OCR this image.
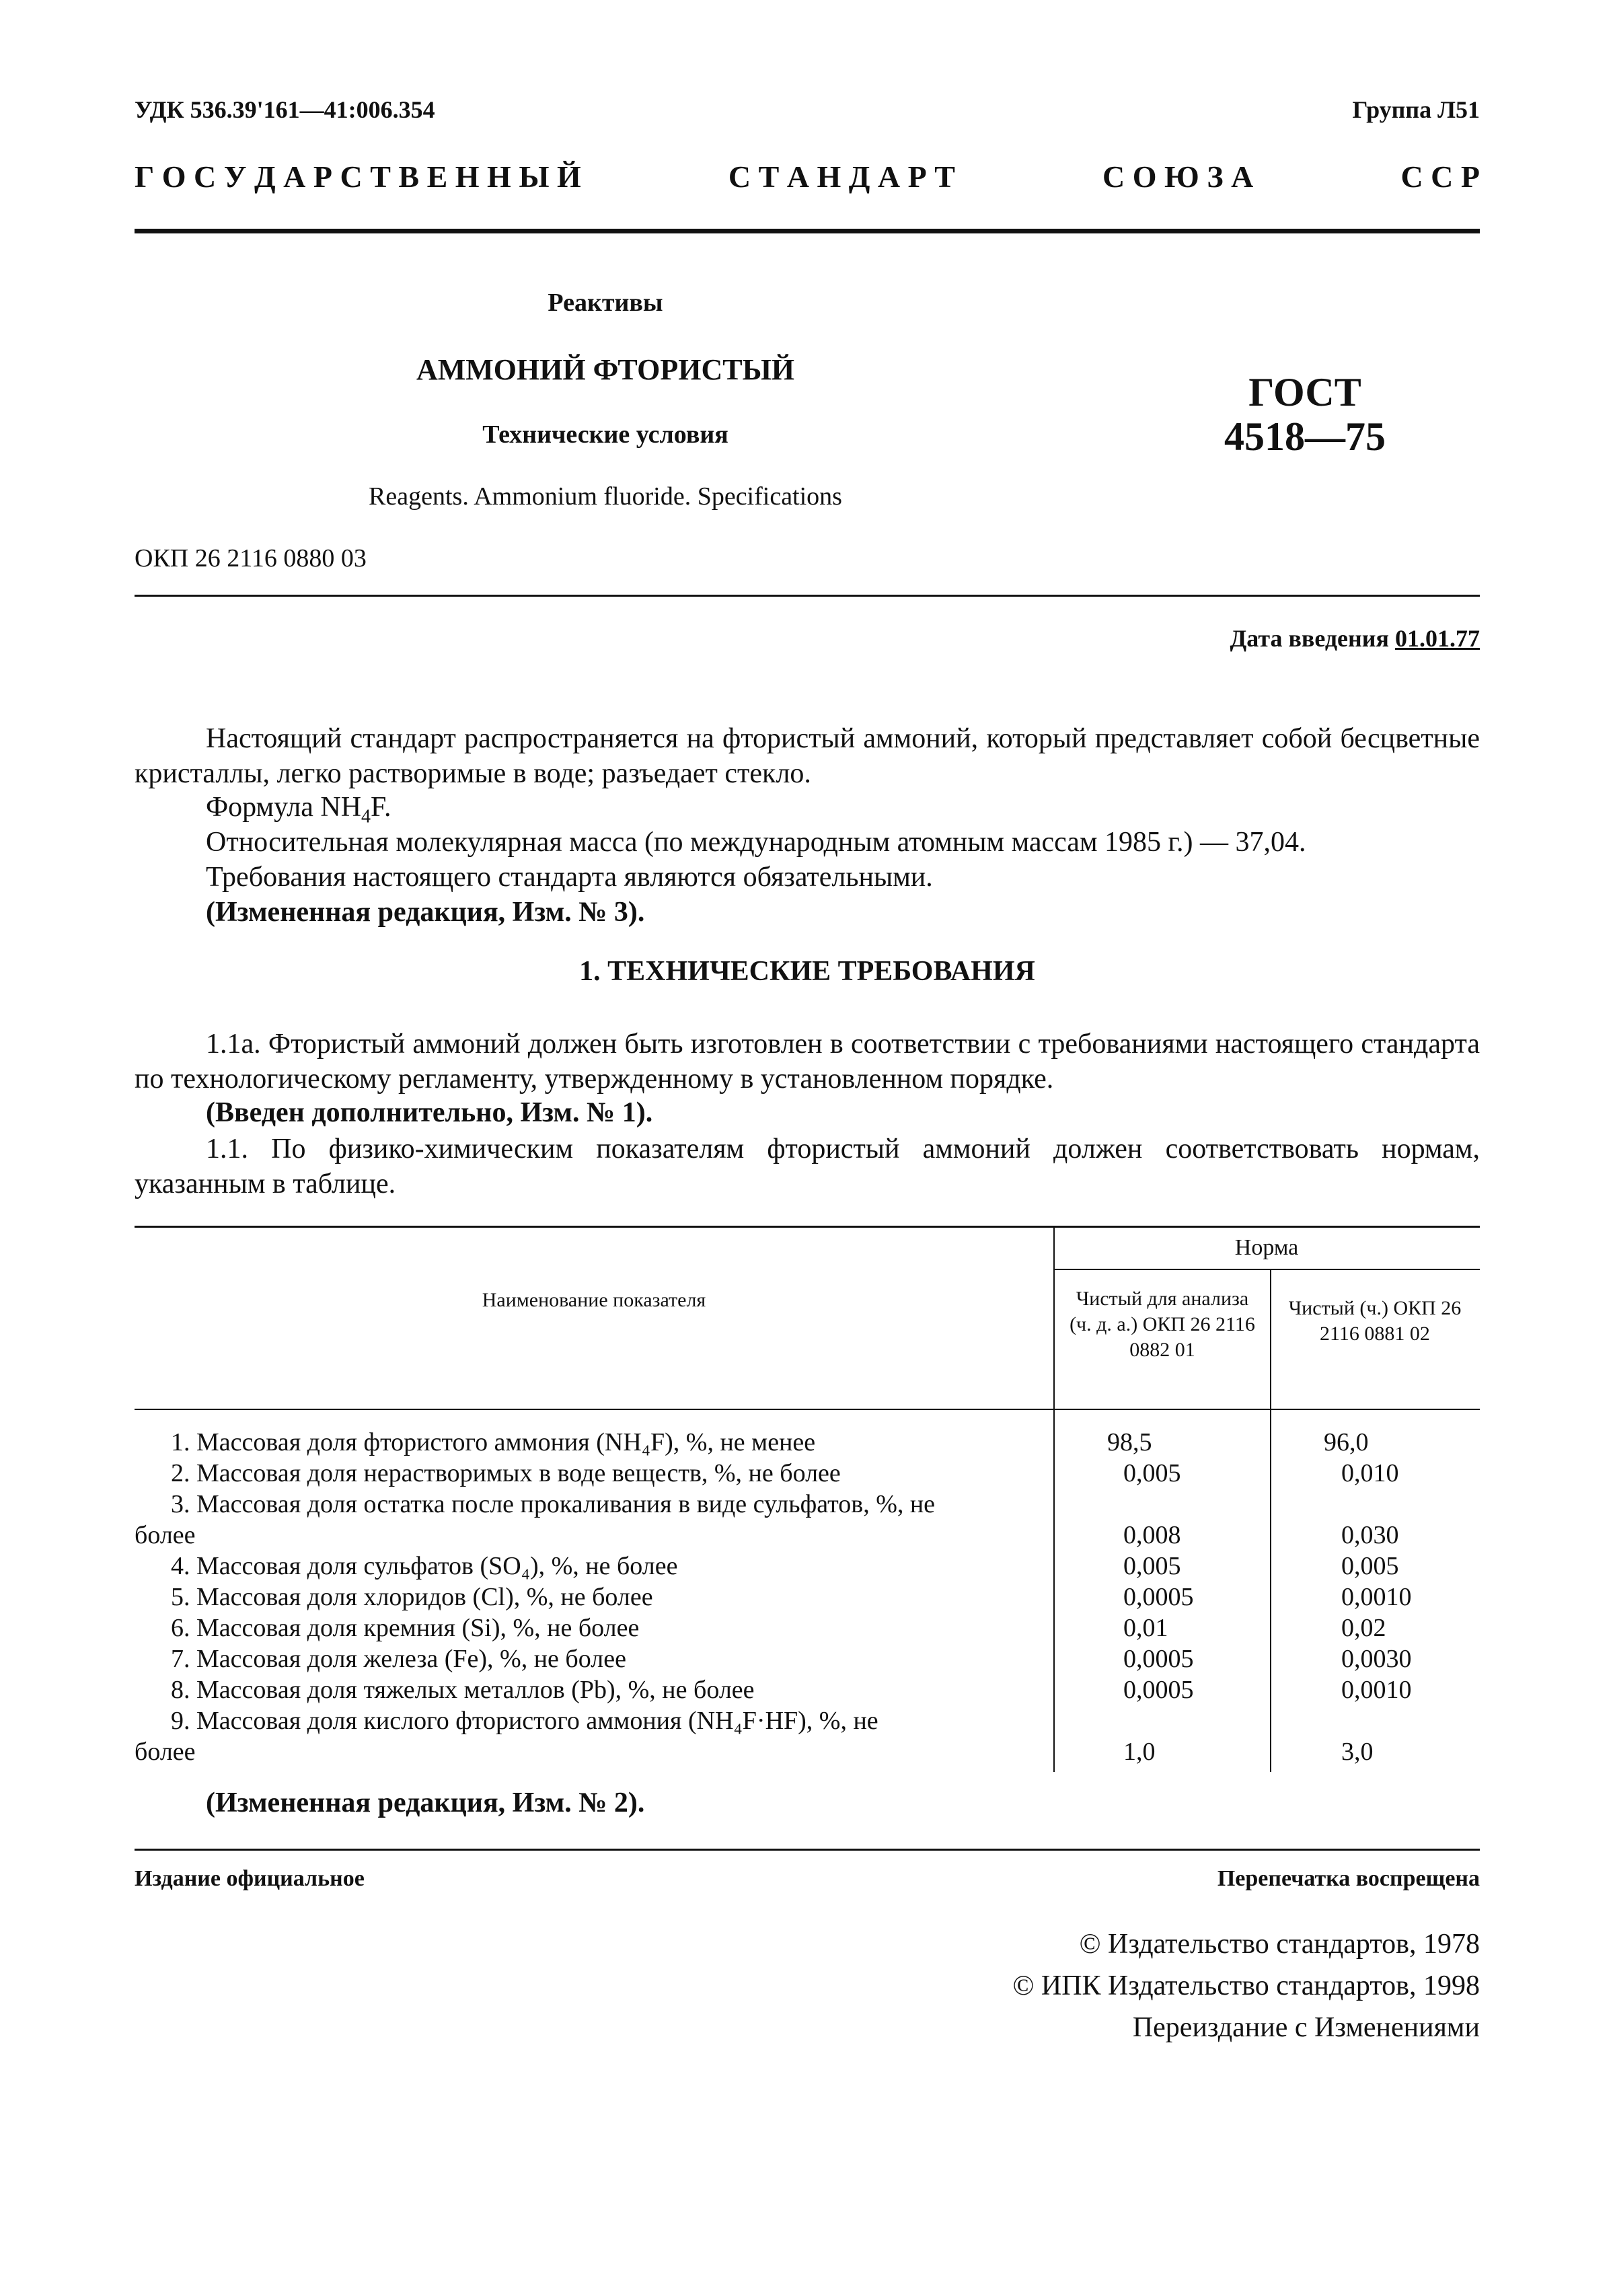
УДК 536.39'161—41:006.354	Группа Л51
Г О С У Д А Р С Т В Е Н Н Ы Й	С Т А Н Д А Р Т	С О Ю З А	С С Р
Реактивы
АММОНИЙ ФТОРИСТЫЙ
Технические условия
Reagents. Ammonium fluoride. Specifications
ГОСТ
4518—75
ОКП 26 2116 0880 03
Дата введения 01.01.77
Настоящий стандарт распространяется на фтористый аммоний, который представляет собой бесцветные кристаллы, легко растворимые в воде; разъедает стекло.
Формула $NH_4F$.
Относительная молекулярная масса (по международным атомным массам 1985 г.) — 37,04.
Требования настоящего стандарта являются обязательными.
(Измененная редакция, Изм. № 3).
1. ТЕХНИЧЕСКИЕ ТРЕБОВАНИЯ
1.1а. Фтористый аммоний должен быть изготовлен в соответствии с требованиями настоящего стандарта по технологическому регламенту, утвержденному в установленном порядке.
(Введен дополнительно, Изм. № 1).
1.1. По физико-химическим показателям фтористый аммоний должен соответствовать нормам, указанным в таблице.
Наименование показателя
Норма
Чистый для анализа (ч. д. а.) ОКП 26 2116 0882 01
Чистый (ч.) ОКП 26 2116 0881 02
1. Массовая доля фтористого аммония (NH₄F), %, не менее	98,5	96,0
2. Массовая доля нерастворимых в воде веществ, %, не более	0,005	0,010
3. Массовая доля остатка после прокаливания в виде сульфатов, %, не
более	0,008	0,030
4. Массовая доля сульфатов (SO₄), %, не более	0,005	0,005
5. Массовая доля хлоридов (Cl), %, не более	0,0005	0,0010
6. Массовая доля кремния (Si), %, не более	0,01	0,02
7. Массовая доля железа (Fe), %, не более	0,0005	0,0030
8. Массовая доля тяжелых металлов (Pb), %, не более	0,0005	0,0010
9. Массовая доля кислого фтористого аммония (NH₄F·HF), %, не
более	1,0	3,0
(Измененная редакция, Изм. № 2).
Издание официальное	Перепечатка воспрещена
© Издательство стандартов, 1978
© ИПК Издательство стандартов, 1998
Переиздание с Изменениями
